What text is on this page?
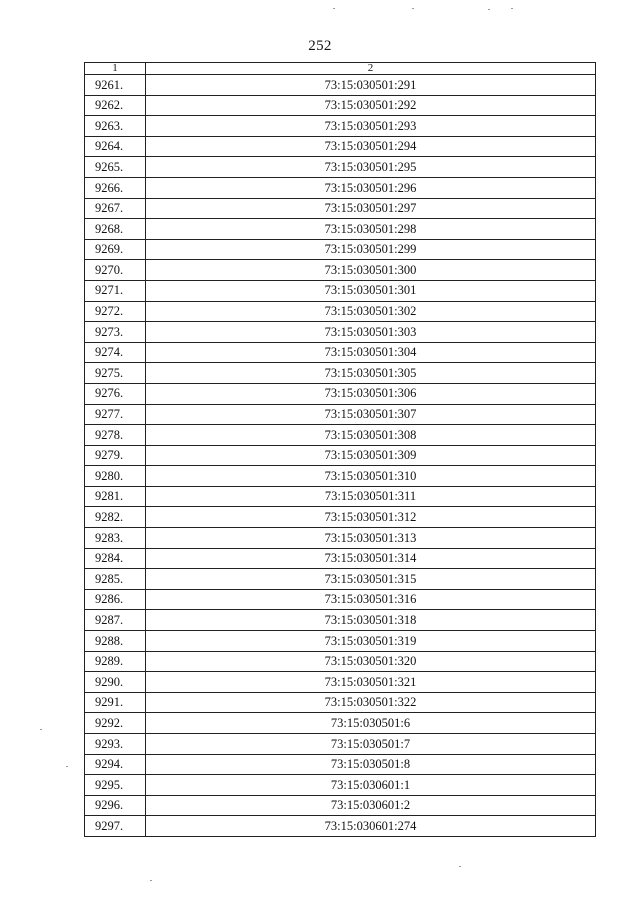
252
1	2
9261.	73:15:030501:291
9262.	73:15:030501:292
9263.	73:15:030501:293
9264.	73:15:030501:294
9265.	73:15:030501:295
9266.	73:15:030501:296
9267.	73:15:030501:297
9268.	73:15:030501:298
9269.	73:15:030501:299
9270.	73:15:030501:300
9271.	73:15:030501:301
9272.	73:15:030501:302
9273.	73:15:030501:303
9274.	73:15:030501:304
9275.	73:15:030501:305
9276.	73:15:030501:306
9277.	73:15:030501:307
9278.	73:15:030501:308
9279.	73:15:030501:309
9280.	73:15:030501:310
9281.	73:15:030501:311
9282.	73:15:030501:312
9283.	73:15:030501:313
9284.	73:15:030501:314
9285.	73:15:030501:315
9286.	73:15:030501:316
9287.	73:15:030501:318
9288.	73:15:030501:319
9289.	73:15:030501:320
9290.	73:15:030501:321
9291.	73:15:030501:322
9292.	73:15:030501:6
9293.	73:15:030501:7
9294.	73:15:030501:8
9295.	73:15:030601:1
9296.	73:15:030601:2
9297.	73:15:030601:274
